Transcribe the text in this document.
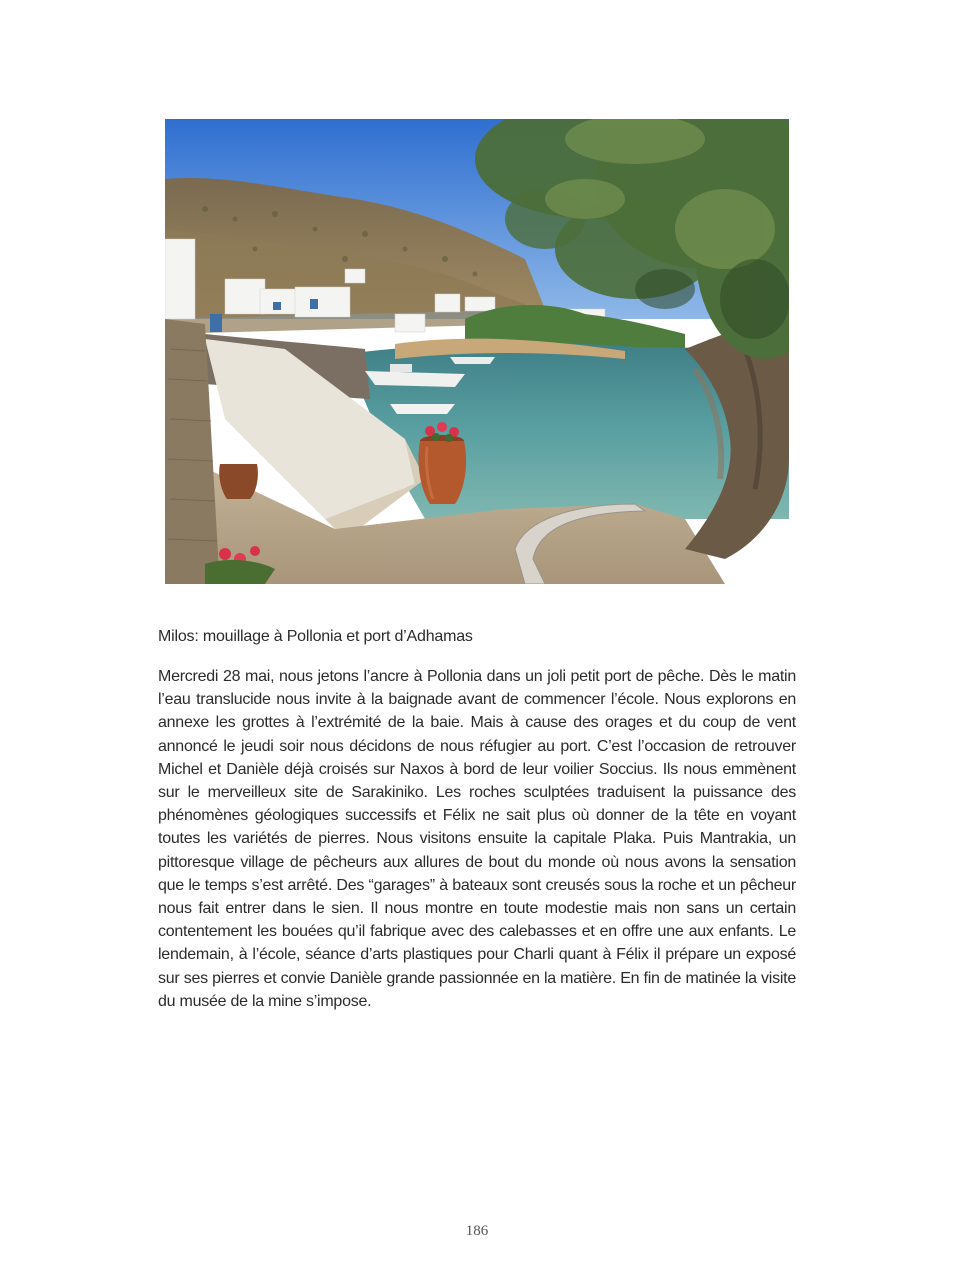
Milos: mouillage à Pollonia et port d’Adhamas

Mercredi 28 mai, nous jetons l’ancre à Pollonia dans un joli petit port de pêche. Dès le matin l’eau translucide nous invite à la baignade avant de commencer l’école. Nous explorons en annexe les grottes à l’extrémité de la baie. Mais à cause des orages et du coup de vent annoncé le jeudi soir nous décidons de nous réfugier au port. C’est l’occasion de retrouver Michel et Danièle déjà croisés sur Naxos à bord de leur voilier Soccius. Ils nous emmènent sur le merveilleux site de Sarakiniko. Les roches sculptées traduisent la puissance des phénomènes géologiques successifs et Félix ne sait plus où donner de la tête en voyant toutes les variétés de pierres. Nous visitons ensuite la capitale Plaka. Puis Mantrakia, un pittoresque village de pêcheurs aux allures de bout du monde où nous avons la sensation que le temps s’est arrêté. Des “garages” à bateaux sont creusés sous la roche et un pêcheur nous fait entrer dans le sien. Il nous montre en toute modestie mais non sans un certain contentement les bouées qu’il fabrique avec des calebasses et en offre une aux enfants. Le lendemain, à l’école, séance d’arts plastiques pour Charli quant à Félix il prépare un exposé sur ses pierres et convie Danièle grande passionnée en la matière. En fin de matinée la visite du musée de la mine s’impose.

186
